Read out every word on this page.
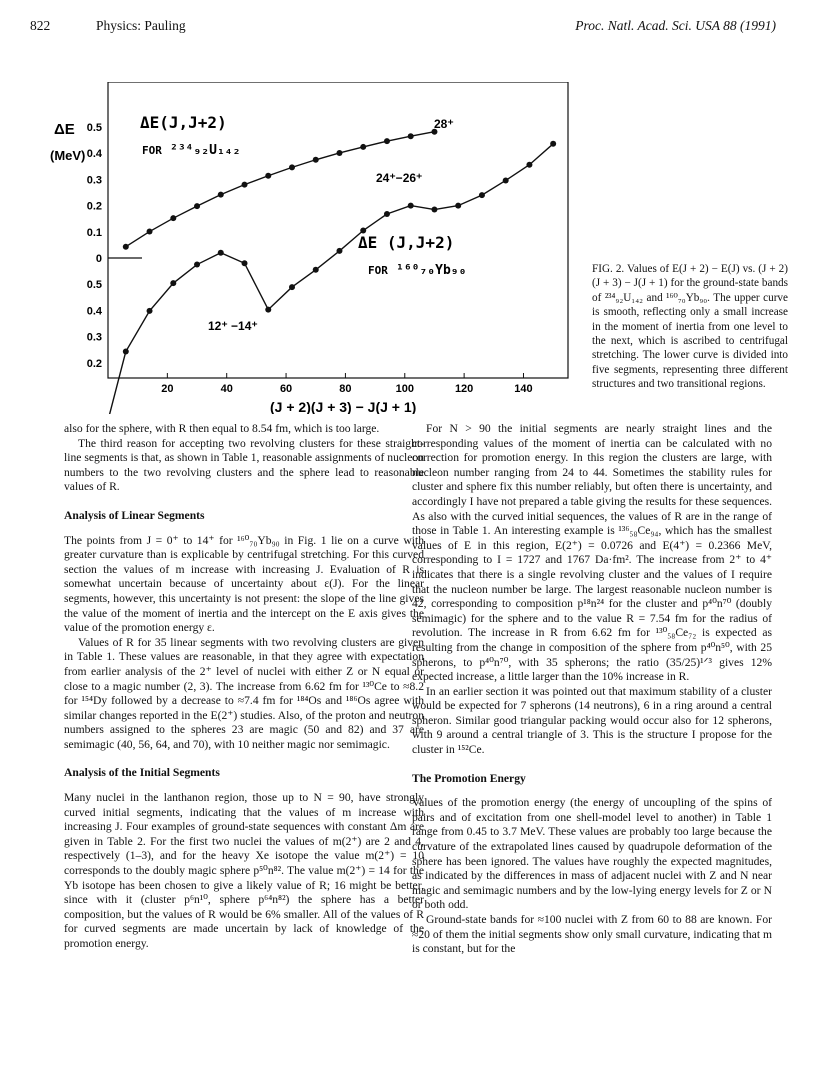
822	Physics: Pauling	Proc. Natl. Acad. Sci. USA 88 (1991)
ΔE
(MeV)
0
0.1
0.2
0.3
0.4
0.5
0.2
0.3
0.4
0.5
20	40	60	80	100	120	140
(J + 2)(J + 3) − J(J + 1)
ΔE(J,J+2)
FOR ²³⁴₉₂U₁₄₂
ΔE (J,J+2)
FOR ¹⁶⁰₇₀Yb₉₀
28⁺
24⁺−26⁺
12⁺ −14⁺
FIG. 2. Values of E(J + 2) − E(J) vs. (J + 2)(J + 3) − J(J + 1) for the ground-state bands of ²³⁴₉₂U₁₄₂ and ¹⁶⁰₇₀Yb₉₀. The upper curve is smooth, reflecting only a small increase in the moment of inertia from one level to the next, which is ascribed to centrifugal stretching. The lower curve is divided into five segments, representing three different structures and two transitional regions.

also for the sphere, with R then equal to 8.54 fm, which is too large.

The third reason for accepting two revolving clusters for these straight-line segments is that, as shown in Table 1, reasonable assignments of nucleon numbers to the two revolving clusters and the sphere lead to reasonable values of R.

Analysis of Linear Segments

The points from J = 0⁺ to 14⁺ for ¹⁶⁰₇₀Yb₉₀ in Fig. 1 lie on a curve with greater curvature than is explicable by centrifugal stretching. For this curved section the values of m increase with increasing J. Evaluation of R is somewhat uncertain because of uncertainty about ε(J). For the linear segments, however, this uncertainty is not present: the slope of the line gives the value of the moment of inertia and the intercept on the E axis gives the value of the promotion energy ε.

Values of R for 35 linear segments with two revolving clusters are given in Table 1. These values are reasonable, in that they agree with expectation from earlier analysis of the 2⁺ level of nuclei with either Z or N equal or close to a magic number (2, 3). The increase from 6.62 fm for ¹³⁰Ce to ≈8.2 for ¹⁵⁴Dy followed by a decrease to ≈7.4 fm for ¹⁸⁴Os and ¹⁸⁶Os agree with similar changes reported in the E(2⁺) studies. Also, of the proton and neutron numbers assigned to the spheres 23 are magic (50 and 82) and 37 are semimagic (40, 56, 64, and 70), with 10 neither magic nor semimagic.

Analysis of the Initial Segments

Many nuclei in the lanthanon region, those up to N = 90, have strongly curved initial segments, indicating that the values of m increase with increasing J. Four examples of ground-state sequences with constant Δm are given in Table 2. For the first two nuclei the values of m(2⁺) are 2 and 4, respectively (1–3), and for the heavy Xe isotope the value m(2⁺) = 10 corresponds to the doubly magic sphere p⁵⁰n⁸². The value m(2⁺) = 14 for the Yb isotope has been chosen to give a likely value of R; 16 might be better, since with it (cluster p⁶n¹⁰, sphere p⁶⁴n⁸²) the sphere has a better composition, but the values of R would be 6% smaller. All of the values of R for curved segments are made uncertain by lack of knowledge of the promotion energy.

For N > 90 the initial segments are nearly straight lines and the corresponding values of the moment of inertia can be calculated with no correction for promotion energy. In this region the clusters are large, with nucleon number ranging from 24 to 44. Sometimes the stability rules for cluster and sphere fix this number reliably, but often there is uncertainty, and accordingly I have not prepared a table giving the results for these sequences. As also with the curved initial sequences, the values of R are in the range of those in Table 1. An interesting example is ¹³⁶₅₈Ce₉₄, which has the smallest values of E in this region, E(2⁺) = 0.0726 and E(4⁺) = 0.2366 MeV, corresponding to I = 1727 and 1767 Da·fm². The increase from 2⁺ to 4⁺ indicates that there is a single revolving cluster and the values of I require that the nucleon number be large. The largest reasonable nucleon number is 42, corresponding to composition p¹⁸n²⁴ for the cluster and p⁴⁰n⁷⁰ (doubly semimagic) for the sphere and to the value R = 7.54 fm for the radius of revolution. The increase in R from 6.62 fm for ¹³⁰₅₈Ce₇₂ is expected as resulting from the change in composition of the sphere from p⁴⁰n⁵⁰, with 25 spherons, to p⁴⁰n⁷⁰, with 35 spherons; the ratio (35/25)¹ᐟ³ gives 12% expected increase, a little larger than the 10% increase in R.

In an earlier section it was pointed out that maximum stability of a cluster would be expected for 7 spherons (14 neutrons), 6 in a ring around a central spheron. Similar good triangular packing would occur also for 12 spherons, with 9 around a central triangle of 3. This is the structure I propose for the cluster in ¹⁵²Ce.

The Promotion Energy

Values of the promotion energy (the energy of uncoupling of the spins of pairs and of excitation from one shell-model level to another) in Table 1 range from 0.45 to 3.7 MeV. These values are probably too large because the curvature of the extrapolated lines caused by quadrupole deformation of the sphere has been ignored. The values have roughly the expected magnitudes, as indicated by the differences in mass of adjacent nuclei with Z and N near magic and semimagic numbers and by the low-lying energy levels for Z or N or both odd.

Ground-state bands for ≈100 nuclei with Z from 60 to 88 are known. For ≈20 of them the initial segments show only small curvature, indicating that m is constant, but for the
